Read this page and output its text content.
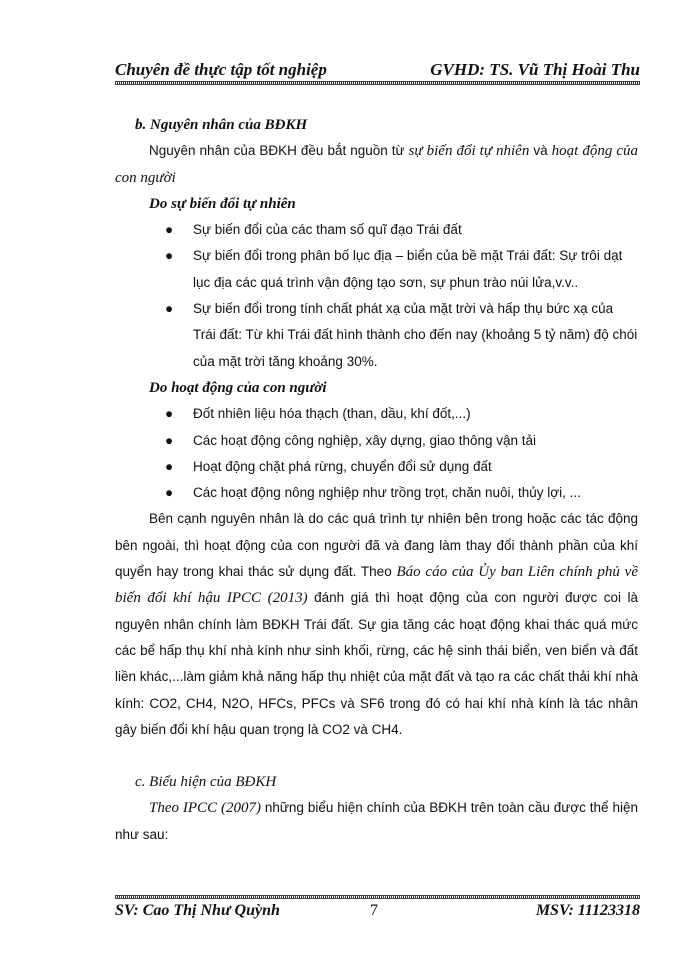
Chuyên đề thực tập tốt nghiệp	GVHD: TS. Vũ Thị Hoài Thu

b. Nguyên nhân của BĐKH

Nguyên nhân của BĐKH đều bắt nguồn từ sự biến đổi tự nhiên và hoạt động của con người

Do sự biến đổi tự nhiên

● Sự biến đổi của các tham số quĩ đạo Trái đất
● Sự biến đổi trong phân bố lục địa – biển của bề mặt Trái đất: Sự trôi dạt lục địa các quá trình vận động tạo sơn, sự phun trào núi lửa,v.v..
● Sự biến đổi trong tính chất phát xạ của mặt trời và hấp thụ bức xạ của Trái đất: Từ khi Trái đất hình thành cho đến nay (khoảng 5 tỷ năm) độ chói của mặt trời tăng khoảng 30%.

Do hoạt động của con người

● Đốt nhiên liệu hóa thạch (than, dầu, khí đốt,...)
● Các hoạt động công nghiệp, xây dựng, giao thông vận tải
● Hoạt động chặt phá rừng, chuyển đổi sử dụng đất
● Các hoạt động nông nghiệp như trồng trọt, chăn nuôi, thủy lợi, ...

Bên cạnh nguyên nhân là do các quá trình tự nhiên bên trong hoặc các tác động bên ngoài, thì hoạt động của con người đã và đang làm thay đổi thành phần của khí quyển hay trong khai thác sử dụng đất. Theo Báo cáo của Ủy ban Liên chính phủ về biến đổi khí hậu IPCC (2013) đánh giá thì hoạt động của con người được coi là nguyên nhân chính làm BĐKH Trái đất. Sự gia tăng các hoạt động khai thác quá mức các bể hấp thụ khí nhà kính như sinh khối, rừng, các hệ sinh thái biển, ven biển và đất liền khác,...làm giảm khả năng hấp thụ nhiệt của mặt đất và tạo ra các chất thải khí nhà kính: CO2, CH4, N2O, HFCs, PFCs và SF6 trong đó có hai khí nhà kính là tác nhân gây biến đổi khí hậu quan trọng là CO2 và CH4.

c. Biểu hiện của BĐKH

Theo IPCC (2007) những biểu hiện chính của BĐKH trên toàn cầu được thể hiện như sau:

SV: Cao Thị Như Quỳnh	7	MSV: 11123318
